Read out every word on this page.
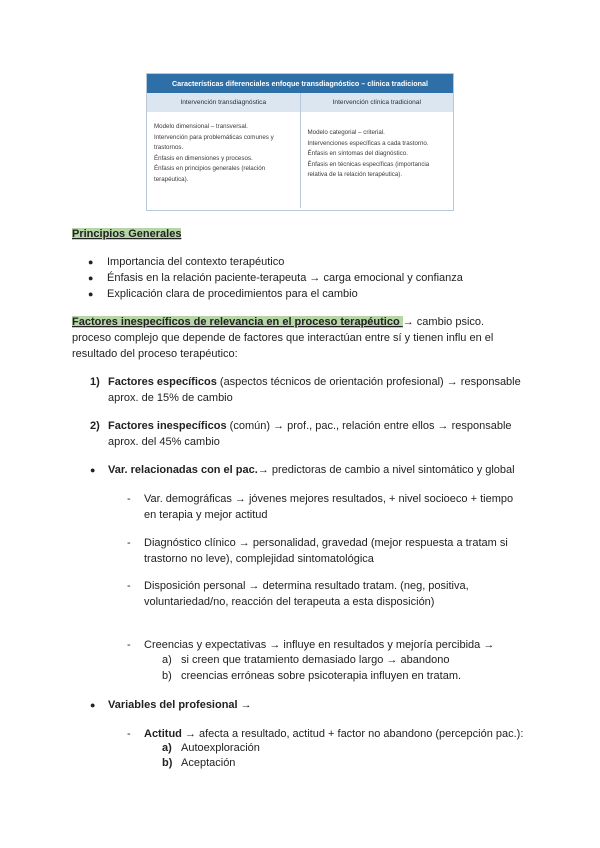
Características diferenciales enfoque transdiagnóstico – clínica tradicional
Intervención transdiagnóstica	Intervención clínica tradicional

Modelo dimensional – transversal.

Intervención para problemáticas comunes y

trastornos.

Énfasis en dimensiones y procesos.

Énfasis en principios generales (relación

terapéutica).

Modelo categorial – criterial.

Intervenciones específicas a cada trastorno.

Énfasis en síntomas del diagnóstico.

Énfasis en técnicas específicas (importancia

relativa de la relación terapéutica).

Principios Generales
● Importancia del contexto terapéutico
● Énfasis en la relación paciente-terapeuta → carga emocional y confianza
● Explicación clara de procedimientos para el cambio
Factores inespecíficos de relevancia en el proceso terapéutico → cambio psico.
proceso complejo que depende de factores que interactúan entre sí y tienen influ en el
resultado del proceso terapéutico:
1) Factores específicos (aspectos técnicos de orientación profesional) → responsable
aprox. de 15% de cambio
2) Factores inespecíficos (común) → prof., pac., relación entre ellos → responsable
aprox. del 45% cambio
● Var. relacionadas con el pac.→ predictoras de cambio a nivel sintomático y global
- Var. demográficas → jóvenes mejores resultados, + nivel socioeco + tiempo
en terapia y mejor actitud
- Diagnóstico clínico → personalidad, gravedad (mejor respuesta a tratam si
trastorno no leve), complejidad sintomatológica
- Disposición personal → determina resultado tratam. (neg, positiva,
voluntariedad/no, reacción del terapeuta a esta disposición)
- Creencias y expectativas → influye en resultados y mejoría percibida →
a) si creen que tratamiento demasiado largo → abandono
b) creencias erróneas sobre psicoterapia influyen en tratam.
● Variables del profesional →
- Actitud → afecta a resultado, actitud + factor no abandono (percepción pac.):
a) Autoexploración
b) Aceptación
